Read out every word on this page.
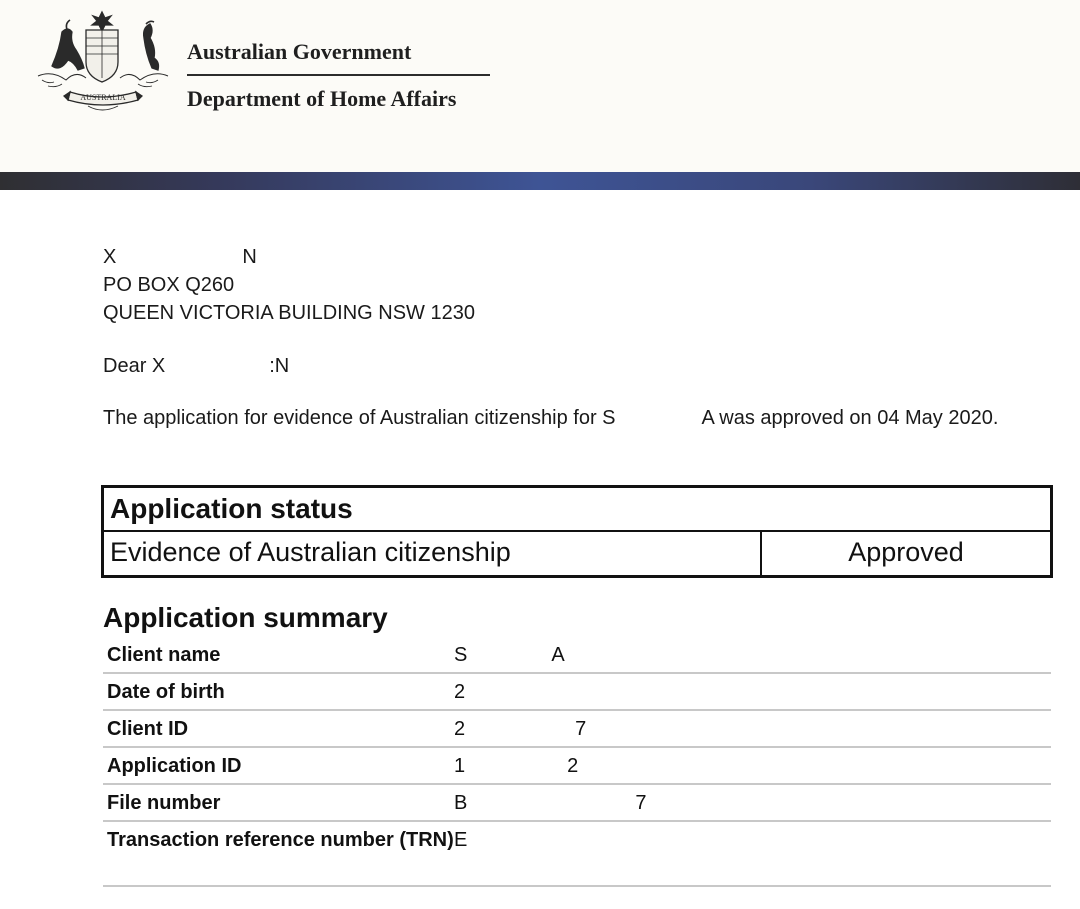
AUSTRALIA
Australian Government
Department of Home Affairs
X	N
PO BOX Q260
QUEEN VICTORIA BUILDING NSW 1230
Dear X	:N
The application for evidence of Australian citizenship for S	A was approved on 04 May 2020.
Application status
Evidence of Australian citizenship	Approved
Application summary
Client name	S	A
Date of birth	2
Client ID	2	7
Application ID	1	2
File number	B	7
Transaction reference number (TRN) E
